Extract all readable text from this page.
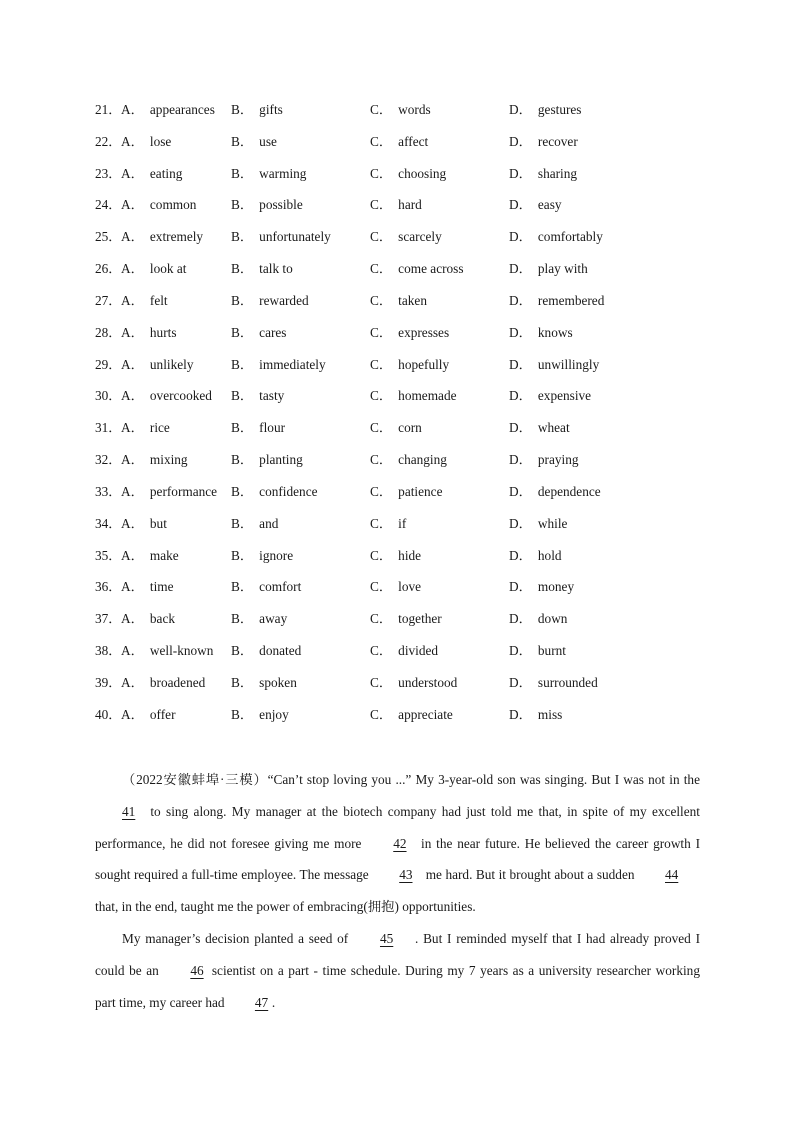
21． A． appearances	B． gifts	C． words	D． gestures
22． A． lose	B． use	C． affect	D． recover
23． A． eating	B． warming	C． choosing	D． sharing
24． A． common	B． possible	C． hard	D． easy
25． A． extremely	B． unfortunately	C． scarcely	D． comfortably
26． A． look at	B． talk to	C． come across	D． play with
27． A． felt	B． rewarded	C． taken	D． remembered
28． A． hurts	B． cares	C． expresses	D． knows
29． A． unlikely	B． immediately	C． hopefully	D． unwillingly
30． A． overcooked	B． tasty	C． homemade	D． expensive
31． A． rice	B． flour	C． corn	D． wheat
32． A． mixing	B． planting	C． changing	D． praying
33． A． performance	B． confidence	C． patience	D． dependence
34． A． but	B． and	C． if	D． while
35． A． make	B． ignore	C． hide	D． hold
36． A． time	B． comfort	C． love	D． money
37． A． back	B． away	C． together	D． down
38． A． well-known	B． donated	C． divided	D． burnt
39． A． broadened	B． spoken	C． understood	D． surrounded
40． A． offer	B． enjoy	C． appreciate	D． miss

（2022安徽蚌埠·三模）“Can’t stop loving you ...” My 3-year-old son was singing. But I was not in the 41 to sing along. My manager at the biotech company had just told me that, in spite of my excellent performance, he did not foresee giving me more 42 in the near future. He believed the career growth I sought required a full-time employee. The message 43 me hard. But it brought about a sudden 44 that, in the end, taught me the power of embracing(拥抱) opportunities.

My manager’s decision planted a seed of 45 . But I reminded myself that I had already proved I could be an 46 scientist on a part - time schedule. During my 7 years as a university researcher working part time, my career had 47 .
